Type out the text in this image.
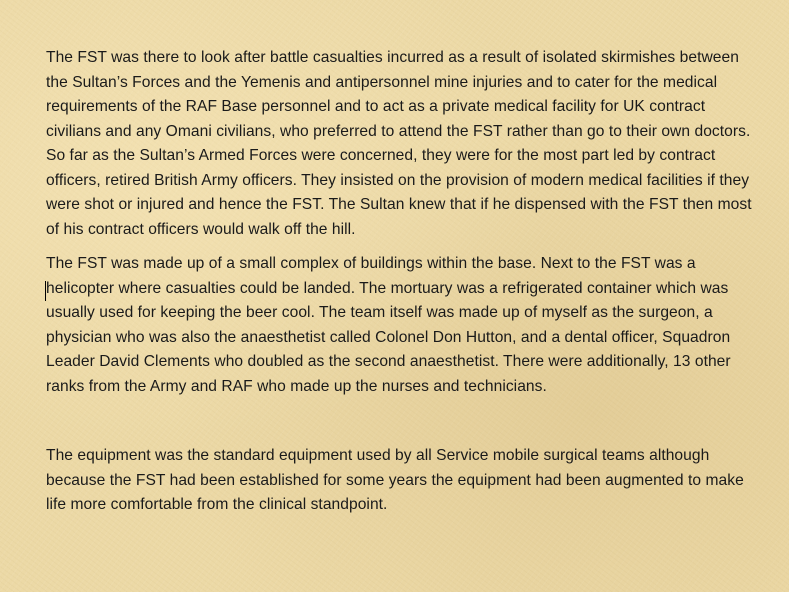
The FST was there to look after battle casualties incurred as a result of isolated skirmishes between the Sultan’s Forces and the Yemenis and antipersonnel mine injuries and to cater for the medical requirements of the RAF Base personnel and to act as a private medical facility for UK contract civilians and any Omani civilians, who preferred to attend the FST rather than go to their own doctors. So far as the Sultan’s Armed Forces were concerned, they were for the most part led by contract officers, retired British Army officers. They insisted on the provision of modern medical facilities if they were shot or injured and hence the FST. The Sultan knew that if he dispensed with the FST then most of his contract officers would walk off the hill.

The FST was made up of a small complex of buildings within the base. Next to the FST was a helicopter where casualties could be landed. The mortuary was a refrigerated container which was usually used for keeping the beer cool. The team itself was made up of myself as the surgeon, a physician who was also the anaesthetist called Colonel Don Hutton, and a dental officer, Squadron Leader David Clements who doubled as the second anaesthetist. There were additionally, 13 other ranks from the Army and RAF who made up the nurses and technicians.

The equipment was the standard equipment used by all Service mobile surgical teams although because the FST had been established for some years the equipment had been augmented to make life more comfortable from the clinical standpoint.
